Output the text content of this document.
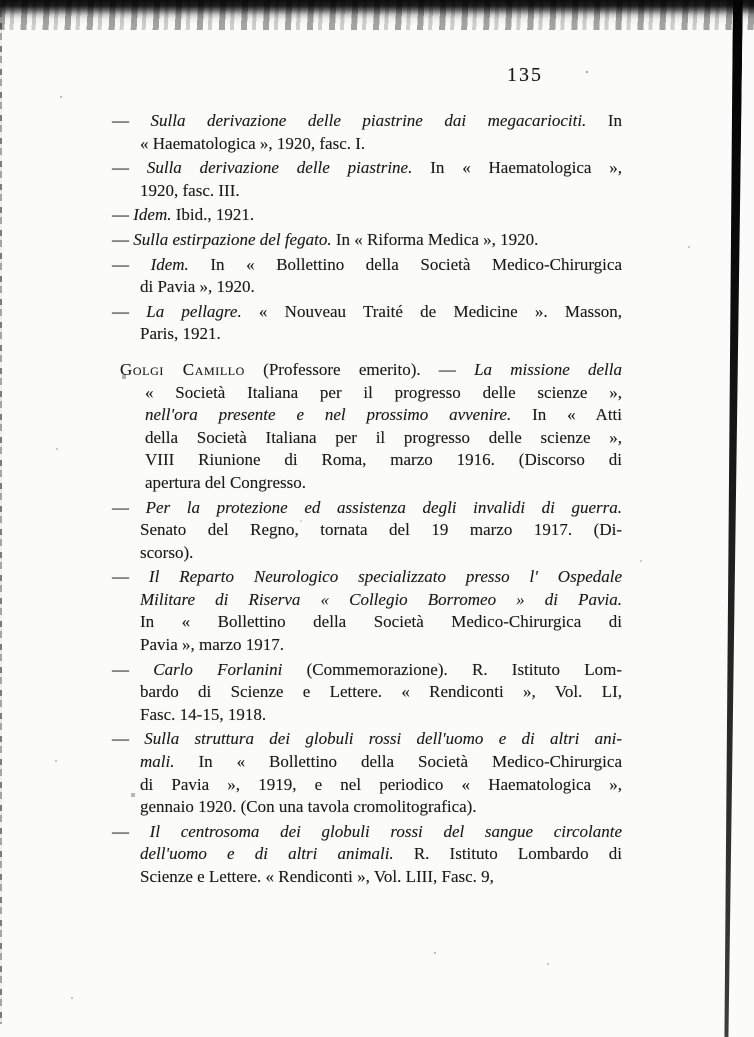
135
— Sulla derivazione delle piastrine dai megacariociti. In
« Haematologica », 1920, fasc. I.
— Sulla derivazione delle piastrine. In « Haematologica »,
1920, fasc. III.
— Idem. Ibid., 1921.
— Sulla estirpazione del fegato. In « Riforma Medica », 1920.
— Idem. In « Bollettino della Società Medico-Chirurgica
di Pavia », 1920.
— La pellagre. « Nouveau Traité de Medicine ». Masson,
Paris, 1921.
Golgi Camillo (Professore emerito). — La missione della
« Società Italiana per il progresso delle scienze »,
nell'ora presente e nel prossimo avvenire. In « Atti
della Società Italiana per il progresso delle scienze »,
VIII Riunione di Roma, marzo 1916. (Discorso di
apertura del Congresso.
— Per la protezione ed assistenza degli invalidi di guerra.
Senato del Regno, tornata del 19 marzo 1917. (Di-
scorso).
— Il Reparto Neurologico specializzato presso l' Ospedale
Militare di Riserva « Collegio Borromeo » di Pavia.
In « Bollettino della Società Medico-Chirurgica di
Pavia », marzo 1917.
— Carlo Forlanini (Commemorazione). R. Istituto Lom-
bardo di Scienze e Lettere. « Rendiconti », Vol. LI,
Fasc. 14-15, 1918.
— Sulla struttura dei globuli rossi dell'uomo e di altri ani-
mali. In « Bollettino della Società Medico-Chirurgica
di Pavia », 1919, e nel periodico « Haematologica »,
gennaio 1920. (Con una tavola cromolitografica).
— Il centrosoma dei globuli rossi del sangue circolante
dell'uomo e di altri animali. R. Istituto Lombardo di
Scienze e Lettere. « Rendiconti », Vol. LIII, Fasc. 9,
